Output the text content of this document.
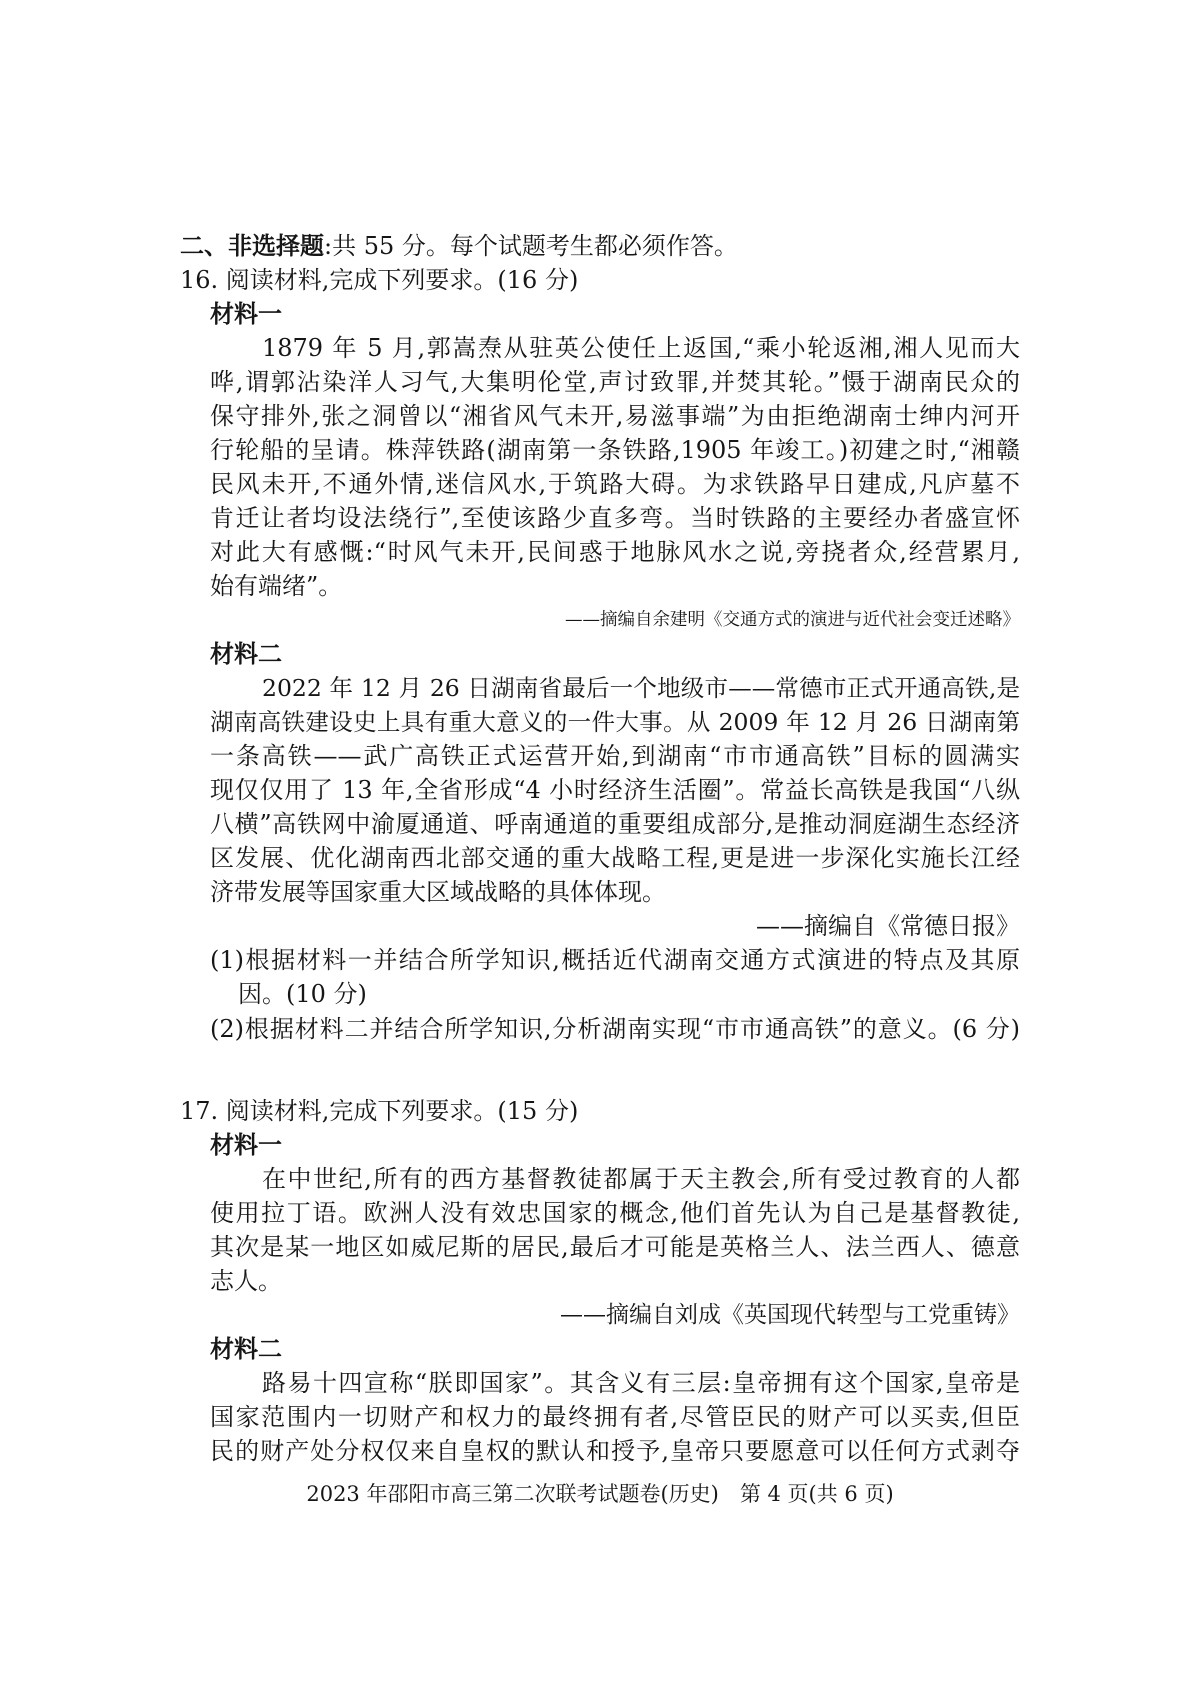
二、非选择题:共 55 分。每个试题考生都必须作答。
16. 阅读材料,完成下列要求。(16 分)
材料一
1879 年 5 月,郭嵩焘从驻英公使任上返国,“乘小轮返湘,湘人见而大
哗,谓郭沾染洋人习气,大集明伦堂,声讨致罪,并焚其轮。”慑于湖南民众的
保守排外,张之洞曾以“湘省风气未开,易滋事端”为由拒绝湖南士绅内河开
行轮船的呈请。株萍铁路(湖南第一条铁路,1905 年竣工。)初建之时,“湘赣
民风未开,不通外情,迷信风水,于筑路大碍。为求铁路早日建成,凡庐墓不
肯迁让者均设法绕行”,至使该路少直多弯。当时铁路的主要经办者盛宣怀
对此大有感慨:“时风气未开,民间惑于地脉风水之说,旁挠者众,经营累月,
始有端绪”。
——摘编自余建明《交通方式的演进与近代社会变迁述略》
材料二
2022 年 12 月 26 日湖南省最后一个地级市——常德市正式开通高铁,是
湖南高铁建设史上具有重大意义的一件大事。从 2009 年 12 月 26 日湖南第
一条高铁——武广高铁正式运营开始,到湖南“市市通高铁”目标的圆满实
现仅仅用了 13 年,全省形成“4 小时经济生活圈”。常益长高铁是我国“八纵
八横”高铁网中渝厦通道、呼南通道的重要组成部分,是推动洞庭湖生态经济
区发展、优化湖南西北部交通的重大战略工程,更是进一步深化实施长江经
济带发展等国家重大区域战略的具体体现。
——摘编自《常德日报》
(1)根据材料一并结合所学知识,概括近代湖南交通方式演进的特点及其原
因。(10 分)
(2)根据材料二并结合所学知识,分析湖南实现“市市通高铁”的意义。(6 分)
17. 阅读材料,完成下列要求。(15 分)
材料一
在中世纪,所有的西方基督教徒都属于天主教会,所有受过教育的人都
使用拉丁语。欧洲人没有效忠国家的概念,他们首先认为自己是基督教徒,
其次是某一地区如威尼斯的居民,最后才可能是英格兰人、法兰西人、德意
志人。
——摘编自刘成《英国现代转型与工党重铸》
材料二
路易十四宣称“朕即国家”。其含义有三层:皇帝拥有这个国家,皇帝是
国家范围内一切财产和权力的最终拥有者,尽管臣民的财产可以买卖,但臣
民的财产处分权仅来自皇权的默认和授予,皇帝只要愿意可以任何方式剥夺
2023 年邵阳市高三第二次联考试题卷(历史)　第 4 页(共 6 页)
